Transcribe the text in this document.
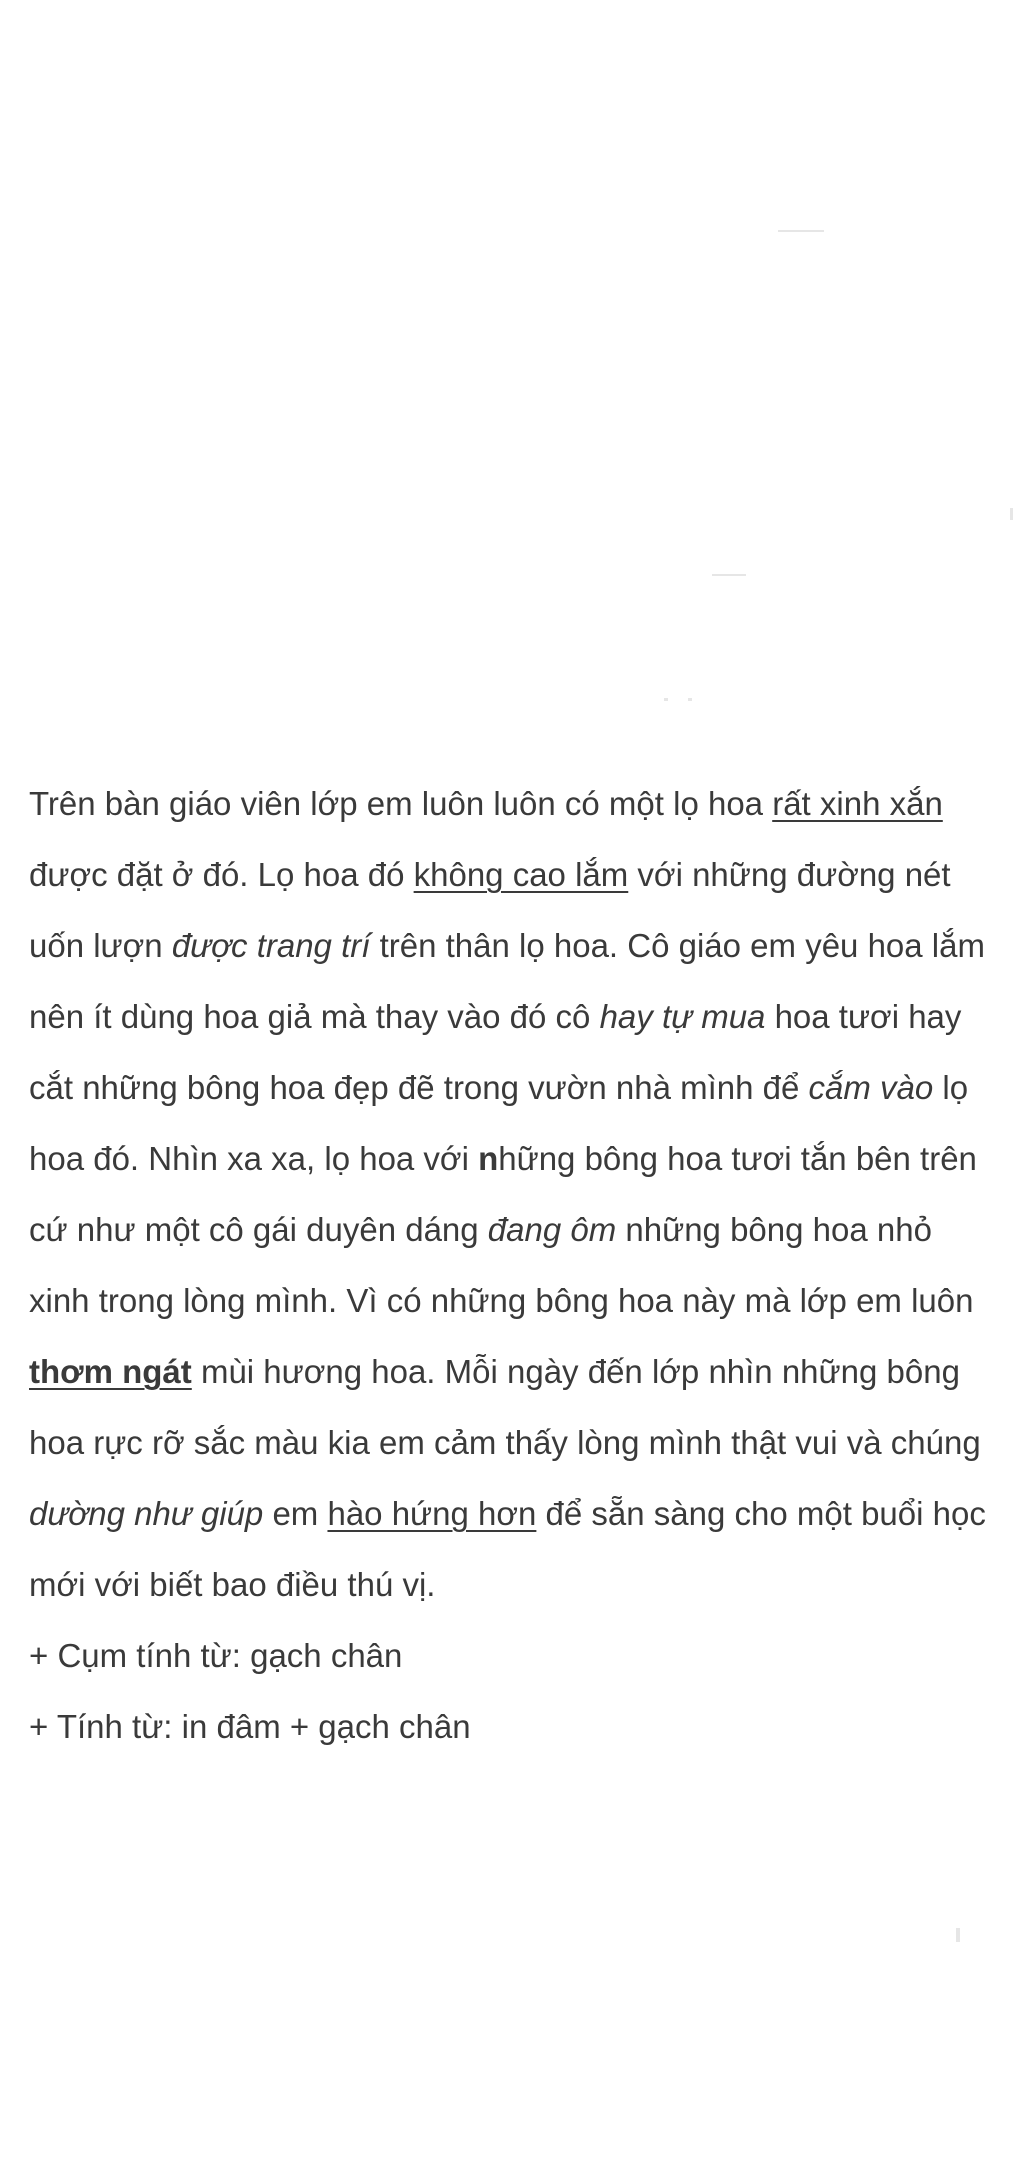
Trên bàn giáo viên lớp em luôn luôn có một lọ hoa rất xinh xắn được đặt ở đó. Lọ hoa đó không cao lắm với những đường nét uốn lượn được trang trí trên thân lọ hoa. Cô giáo em yêu hoa lắm nên ít dùng hoa giả mà thay vào đó cô hay tự mua hoa tươi hay cắt những bông hoa đẹp đẽ trong vườn nhà mình để cắm vào lọ hoa đó. Nhìn xa xa, lọ hoa với những bông hoa tươi tắn bên trên cứ như một cô gái duyên dáng đang ôm những bông hoa nhỏ xinh trong lòng mình. Vì có những bông hoa này mà lớp em luôn thơm ngát mùi hương hoa. Mỗi ngày đến lớp nhìn những bông hoa rực rỡ sắc màu kia em cảm thấy lòng mình thật vui và chúng dường như giúp em hào hứng hơn để sẵn sàng cho một buổi học mới với biết bao điều thú vị.

+ Cụm tính từ: gạch chân
+ Tính từ: in đâm + gạch chân
